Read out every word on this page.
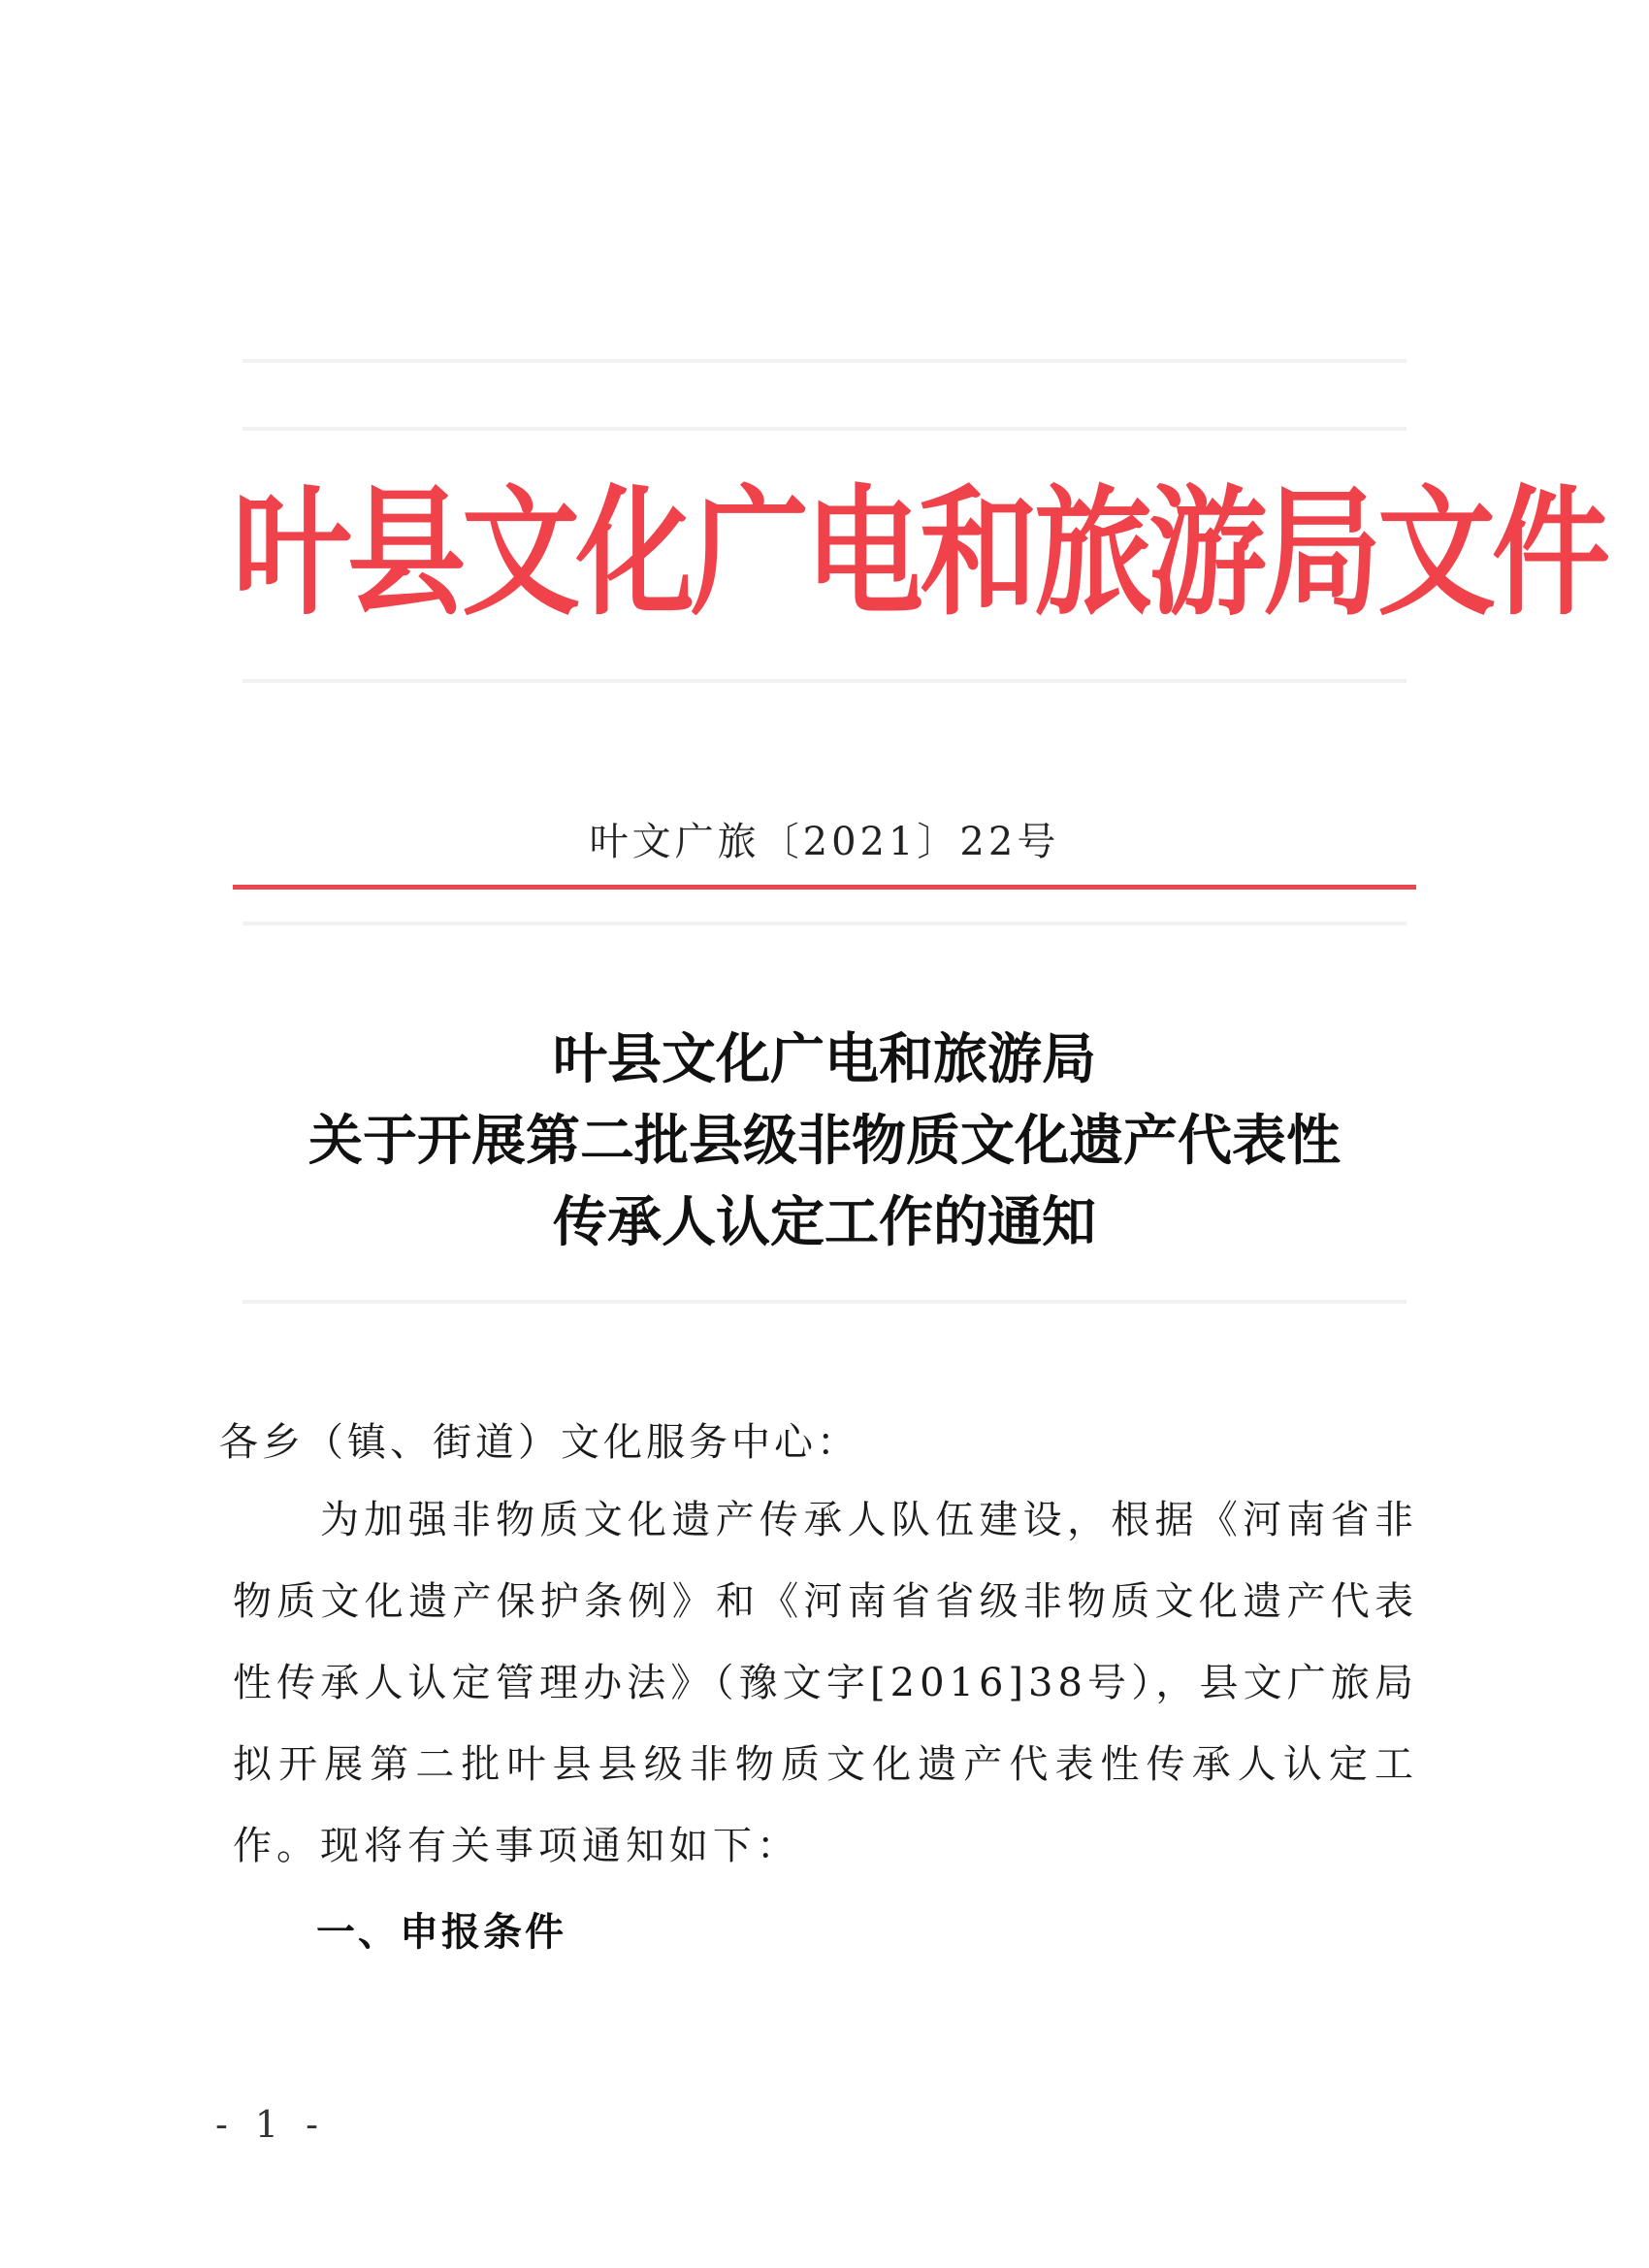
叶县文化广电和旅游局文件
叶文广旅〔2021〕22号
叶县文化广电和旅游局
关于开展第二批县级非物质文化遗产代表性
传承人认定工作的通知
各乡（镇、街道）文化服务中心：
为加强非物质文化遗产传承人队伍建设，根据《河南省非物质文化遗产保护条例》和《河南省省级非物质文化遗产代表性传承人认定管理办法》（豫文字[2016]38号），县文广旅局拟开展第二批叶县县级非物质文化遗产代表性传承人认定工作。现将有关事项通知如下：
一、申报条件
- 1 -
